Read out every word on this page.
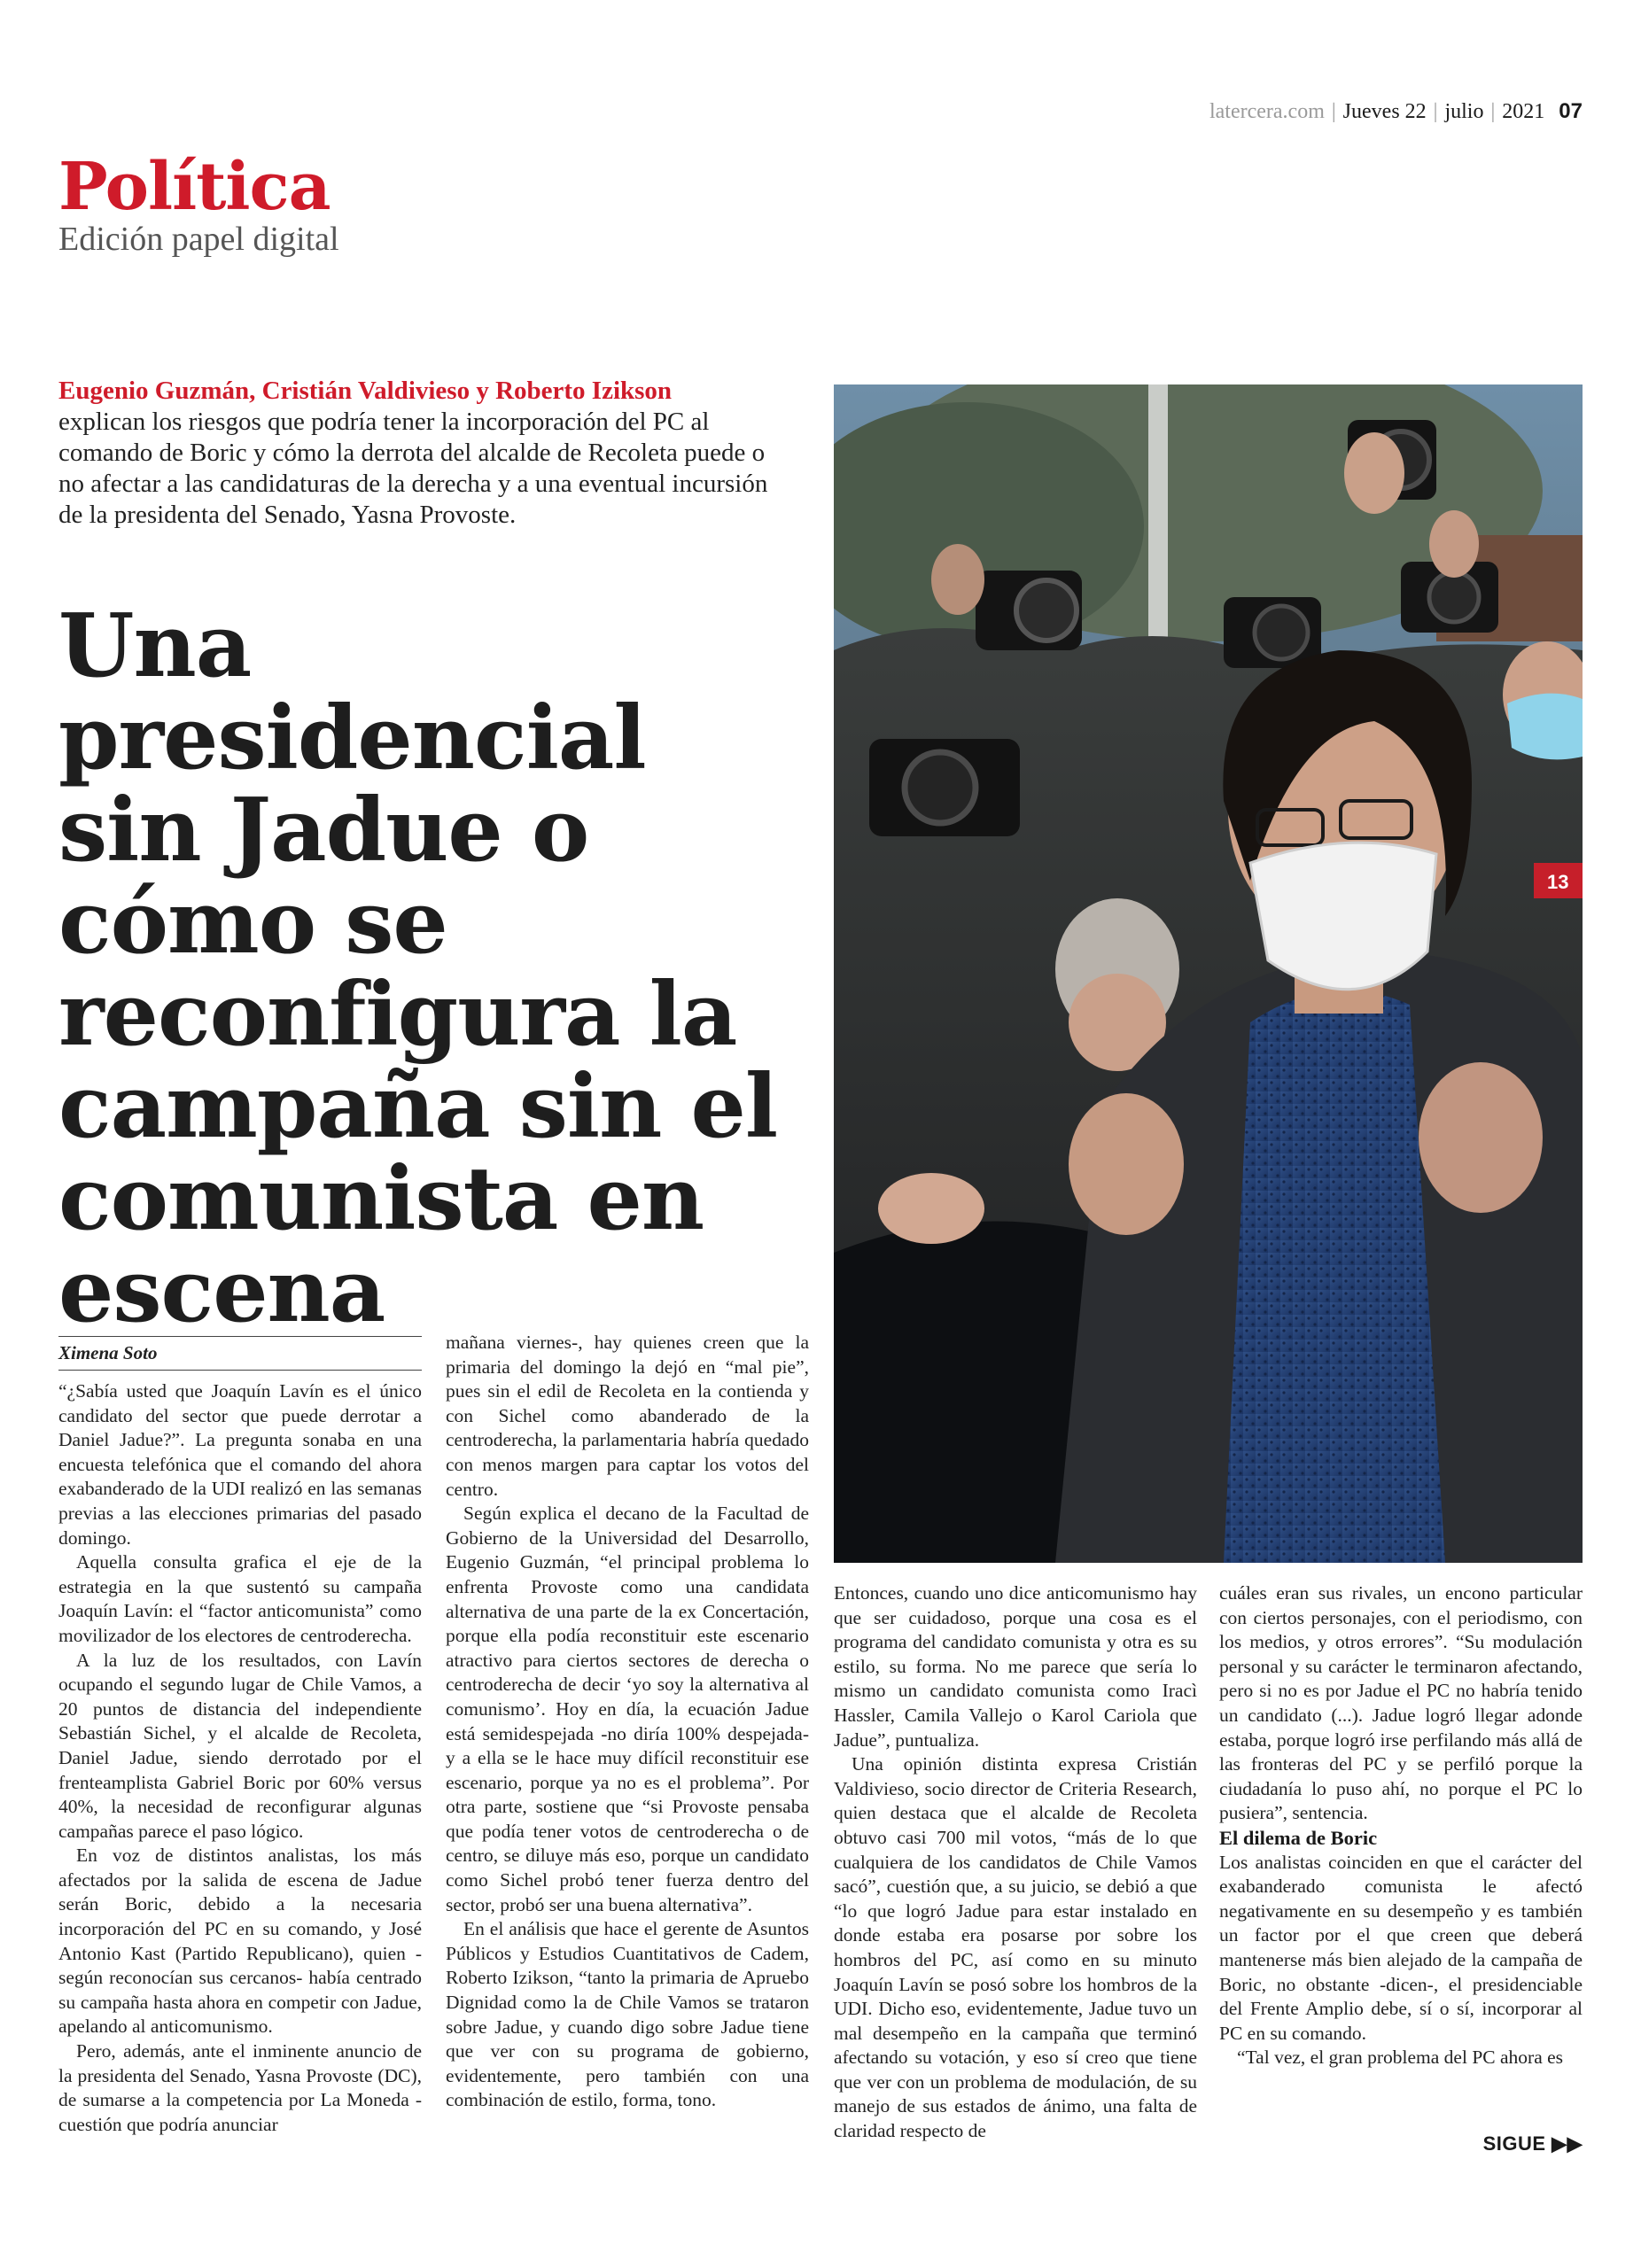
latercera.com | Jueves 22 | julio | 2021 07
Política
Edición papel digital
Eugenio Guzmán, Cristián Valdivieso y Roberto Izikson
explican los riesgos que podría tener la incorporación del PC al comando de Boric y cómo la derrota del alcalde de Recoleta puede o no afectar a las candidaturas de la derecha y a una eventual incursión de la presidenta del Senado, Yasna Provoste.
Una presidencial sin Jadue o cómo se reconfigura la campaña sin el comunista en escena
13
Ximena Soto

“¿Sabía usted que Joaquín Lavín es el único candidato del sector que puede derrotar a Daniel Jadue?”. La pregunta sonaba en una encuesta telefónica que el comando del ahora exabanderado de la UDI realizó en las semanas previas a las elecciones primarias del pasado domingo.

Aquella consulta grafica el eje de la estrategia en la que sustentó su campaña Joaquín Lavín: el “factor anticomunista” como movilizador de los electores de centroderecha.

A la luz de los resultados, con Lavín ocupando el segundo lugar de Chile Vamos, a 20 puntos de distancia del independiente Sebastián Sichel, y el alcalde de Recoleta, Daniel Jadue, siendo derrotado por el frenteamplista Gabriel Boric por 60% versus 40%, la necesidad de reconfigurar algunas campañas parece el paso lógico.

En voz de distintos analistas, los más afectados por la salida de escena de Jadue serán Boric, debido a la necesaria incorporación del PC en su comando, y José Antonio Kast (Partido Republicano), quien -según reconocían sus cercanos- había centrado su campaña hasta ahora en competir con Jadue, apelando al anticomunismo.

Pero, además, ante el inminente anuncio de la presidenta del Senado, Yasna Provoste (DC), de sumarse a la competencia por La Moneda -cuestión que podría anunciar

mañana viernes-, hay quienes creen que la primaria del domingo la dejó en “mal pie”, pues sin el edil de Recoleta en la contienda y con Sichel como abanderado de la centroderecha, la parlamentaria habría quedado con menos margen para captar los votos del centro.

Según explica el decano de la Facultad de Gobierno de la Universidad del Desarrollo, Eugenio Guzmán, “el principal problema lo enfrenta Provoste como una candidata alternativa de una parte de la ex Concertación, porque ella podía reconstituir este escenario atractivo para ciertos sectores de derecha o centroderecha de decir ‘yo soy la alternativa al comunismo’. Hoy en día, la ecuación Jadue está semidespejada -no diría 100% despejada- y a ella se le hace muy difícil reconstituir ese escenario, porque ya no es el problema”. Por otra parte, sostiene que “si Provoste pensaba que podía tener votos de centroderecha o de centro, se diluye más eso, porque un candidato como Sichel probó tener fuerza dentro del sector, probó ser una buena alternativa”.

En el análisis que hace el gerente de Asuntos Públicos y Estudios Cuantitativos de Cadem, Roberto Izikson, “tanto la primaria de Apruebo Dignidad como la de Chile Vamos se trataron sobre Jadue, y cuando digo sobre Jadue tiene que ver con su programa de gobierno, evidentemente, pero también con una combinación de estilo, forma, tono.

Entonces, cuando uno dice anticomunismo hay que ser cuidadoso, porque una cosa es el programa del candidato comunista y otra es su estilo, su forma. No me parece que sería lo mismo un candidato comunista como Iracì Hassler, Camila Vallejo o Karol Cariola que Jadue”, puntualiza.

Una opinión distinta expresa Cristián Valdivieso, socio director de Criteria Research, quien destaca que el alcalde de Recoleta obtuvo casi 700 mil votos, “más de lo que cualquiera de los candidatos de Chile Vamos sacó”, cuestión que, a su juicio, se debió a que “lo que logró Jadue para estar instalado en donde estaba era posarse por sobre los hombros del PC, así como en su minuto Joaquín Lavín se posó sobre los hombros de la UDI. Dicho eso, evidentemente, Jadue tuvo un mal desempeño en la campaña que terminó afectando su votación, y eso sí creo que tiene que ver con un problema de modulación, de su manejo de sus estados de ánimo, una falta de claridad respecto de

cuáles eran sus rivales, un encono particular con ciertos personajes, con el periodismo, con los medios, y otros errores”. “Su modulación personal y su carácter le terminaron afectando, pero si no es por Jadue el PC no habría tenido un candidato (...). Jadue logró llegar adonde estaba, porque logró irse perfilando más allá de las fronteras del PC y se perfiló porque la ciudadanía lo puso ahí, no porque el PC lo pusiera”, sentencia.

El dilema de Boric

Los analistas coinciden en que el carácter del exabanderado comunista le afectó negativamente en su desempeño y es también un factor por el que creen que deberá mantenerse más bien alejado de la campaña de Boric, no obstante -dicen-, el presidenciable del Frente Amplio debe, sí o sí, incorporar al PC en su comando.

“Tal vez, el gran problema del PC ahora es

SIGUE ▶▶
